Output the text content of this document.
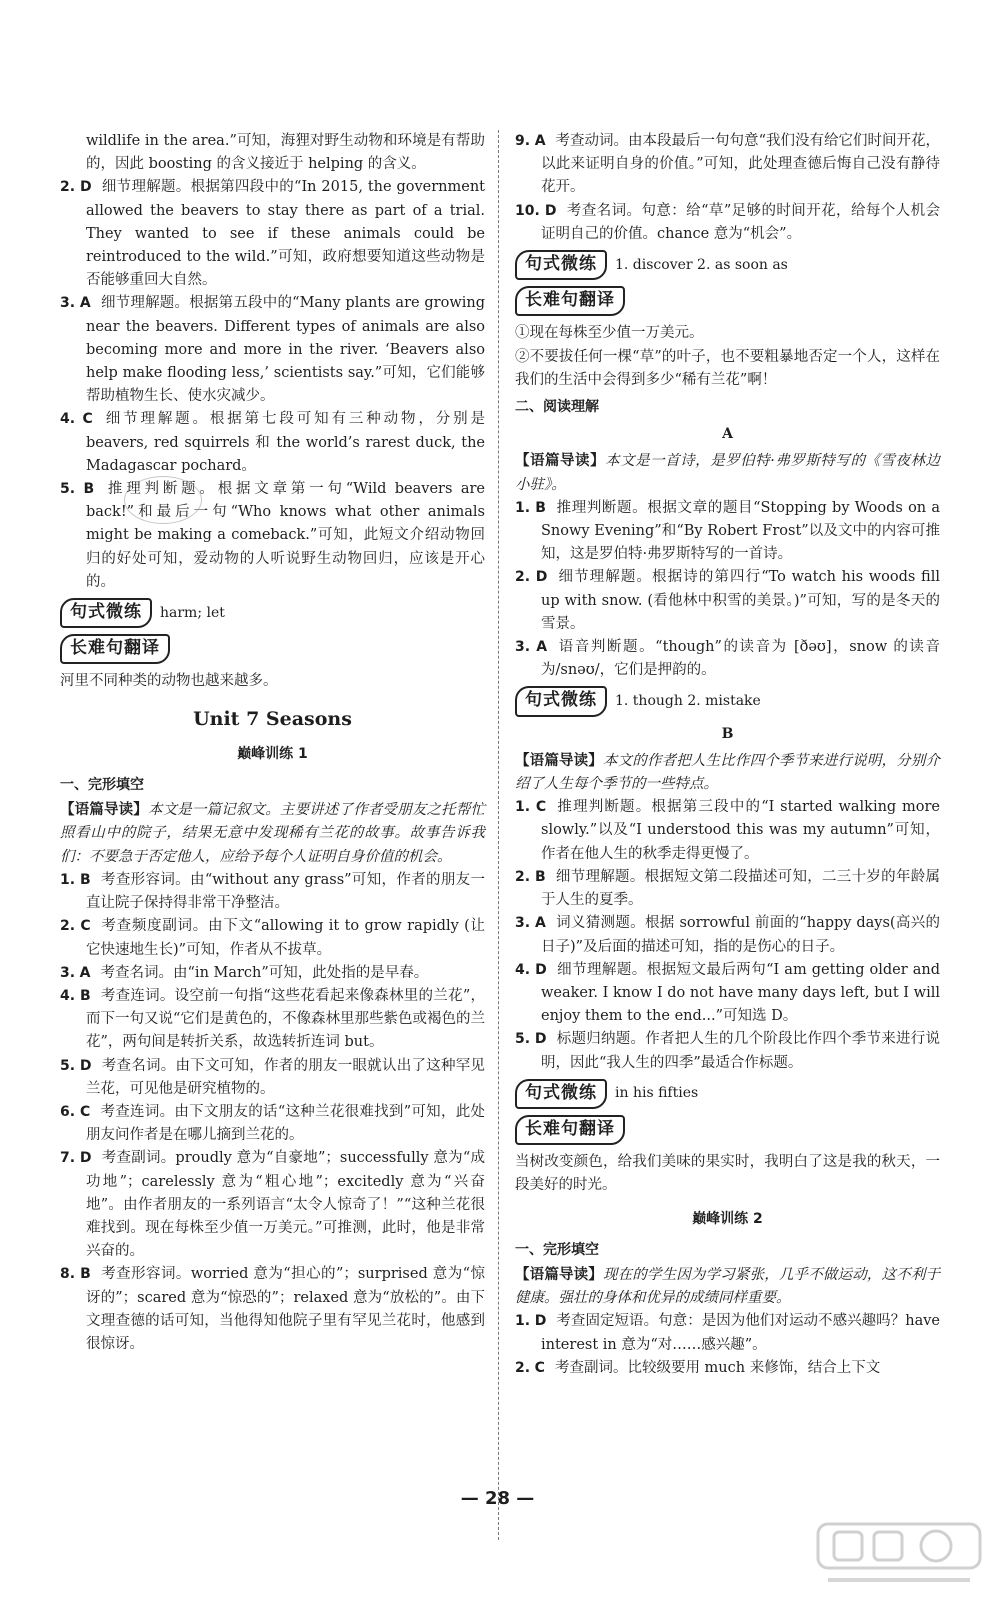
wildlife in the area.”可知，海狸对野生动物和环境是有帮助的，因此 boosting 的含义接近于 helping 的含义。

2. D 细节理解题。根据第四段中的“In 2015, the government allowed the beavers to stay there as part of a trial. They wanted to see if these animals could be reintroduced to the wild.”可知，政府想要知道这些动物是否能够重回大自然。

3. A 细节理解题。根据第五段中的“Many plants are growing near the beavers. Different types of animals are also becoming more and more in the river. ‘Beavers also help make flooding less,’ scientists say.”可知，它们能够帮助植物生长、使水灾减少。

4. C 细节理解题。根据第七段可知有三种动物，分别是 beavers, red squirrels 和 the world’s rarest duck, the Madagascar pochard。

5. B 推理判断题。根据文章第一句“Wild beavers are back!”和最后一句“Who knows what other animals might be making a comeback.”可知，此短文介绍动物回归的好处可知，爱动物的人听说野生动物回归，应该是开心的。

句式微练	harm; let
长难句翻译

河里不同种类的动物也越来越多。

Unit 7 Seasons
巅峰训练 1
一、完形填空

【语篇导读】本文是一篇记叙文。主要讲述了作者受朋友之托帮忙照看山中的院子，结果无意中发现稀有兰花的故事。故事告诉我们：不要急于否定他人，应给予每个人证明自身价值的机会。

1. B 考查形容词。由“without any grass”可知，作者的朋友一直让院子保持得非常干净整洁。

2. C 考查频度副词。由下文“allowing it to grow rapidly (让它快速地生长)”可知，作者从不拔草。

3. A 考查名词。由“in March”可知，此处指的是早春。

4. B 考查连词。设空前一句指“这些花看起来像森林里的兰花”，而下一句又说“它们是黄色的，不像森林里那些紫色或褐色的兰花”，两句间是转折关系，故选转折连词 but。

5. D 考查名词。由下文可知，作者的朋友一眼就认出了这种罕见兰花，可见他是研究植物的。

6. C 考查连词。由下文朋友的话“这种兰花很难找到”可知，此处朋友问作者是在哪儿摘到兰花的。

7. D 考查副词。proudly 意为“自豪地”；successfully 意为“成功地”；carelessly 意为“粗心地”；excitedly 意为“兴奋地”。由作者朋友的一系列语言“太令人惊奇了！”“这种兰花很难找到。现在每株至少值一万美元。”可推测，此时，他是非常兴奋的。

8. B 考查形容词。worried 意为“担心的”；surprised 意为“惊讶的”；scared 意为“惊恐的”；relaxed 意为“放松的”。由下文理查德的话可知，当他得知他院子里有罕见兰花时，他感到很惊讶。

9. A 考查动词。由本段最后一句句意“我们没有给它们时间开花，以此来证明自身的价值。”可知，此处理查德后悔自己没有静待花开。

10. D 考查名词。句意：给“草”足够的时间开花，给每个人机会证明自己的价值。chance 意为“机会”。

句式微练	1. discover 2. as soon as
长难句翻译

①现在每株至少值一万美元。

②不要拔任何一棵“草”的叶子，也不要粗暴地否定一个人，这样在我们的生活中会得到多少“稀有兰花”啊！

二、阅读理解
A

【语篇导读】本文是一首诗，是罗伯特·弗罗斯特写的《雪夜林边小驻》。

1. B 推理判断题。根据文章的题目“Stopping by Woods on a Snowy Evening”和“By Robert Frost”以及文中的内容可推知，这是罗伯特·弗罗斯特写的一首诗。

2. D 细节理解题。根据诗的第四行“To watch his woods fill up with snow. (看他林中积雪的美景。)”可知，写的是冬天的雪景。

3. A 语音判断题。“though”的读音为 [ðəʊ]，snow 的读音为/snəʊ/，它们是押韵的。

句式微练	1. though 2. mistake
B

【语篇导读】本文的作者把人生比作四个季节来进行说明，分别介绍了人生每个季节的一些特点。

1. C 推理判断题。根据第三段中的“I started walking more slowly.”以及“I understood this was my autumn”可知，作者在他人生的秋季走得更慢了。

2. B 细节理解题。根据短文第二段描述可知，二三十岁的年龄属于人生的夏季。

3. A 词义猜测题。根据 sorrowful 前面的“happy days(高兴的日子)”及后面的描述可知，指的是伤心的日子。

4. D 细节理解题。根据短文最后两句“I am getting older and weaker. I know I do not have many days left, but I will enjoy them to the end...”可知选 D。

5. D 标题归纳题。作者把人生的几个阶段比作四个季节来进行说明，因此“我人生的四季”最适合作标题。

句式微练	in his fifties
长难句翻译

当树改变颜色，给我们美味的果实时，我明白了这是我的秋天，一段美好的时光。

巅峰训练 2
一、完形填空

【语篇导读】现在的学生因为学习紧张，几乎不做运动，这不利于健康。强壮的身体和优异的成绩同样重要。

1. D 考查固定短语。句意：是因为他们对运动不感兴趣吗？have interest in 意为“对……感兴趣”。

2. C 考查副词。比较级要用 much 来修饰，结合上下文

— 28 —
